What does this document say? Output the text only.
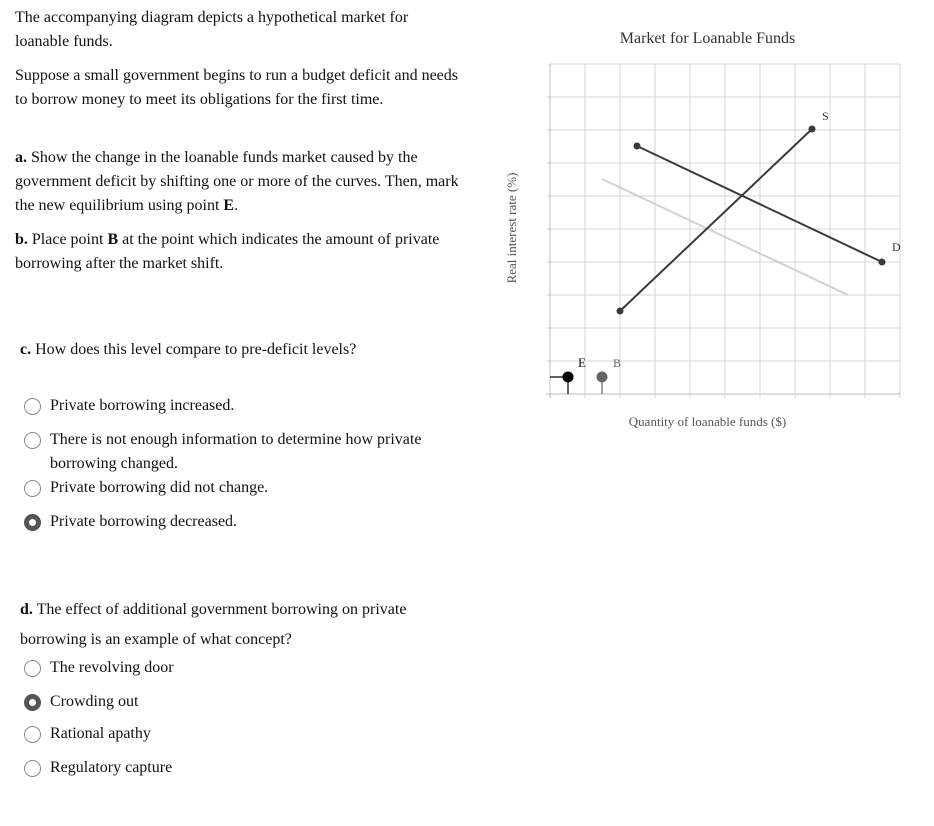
The accompanying diagram depicts a hypothetical market for loanable funds.

Suppose a small government begins to run a budget deficit and needs to borrow money to meet its obligations for the first time.

a. Show the change in the loanable funds market caused by the government deficit by shifting one or more of the curves. Then, mark the new equilibrium using point E.

b. Place point B at the point which indicates the amount of private borrowing after the market shift.

c. How does this level compare to pre-deficit levels?

Private borrowing increased.
There is not enough information to determine how private borrowing changed.
Private borrowing did not change.
Private borrowing decreased.

d. The effect of additional government borrowing on private borrowing is an example of what concept?

The revolving door
Crowding out
Rational apathy
Regulatory capture
Market for Loanable Funds
Real interest rate (%)
Quantity of loanable funds ($)
S
D
E B
